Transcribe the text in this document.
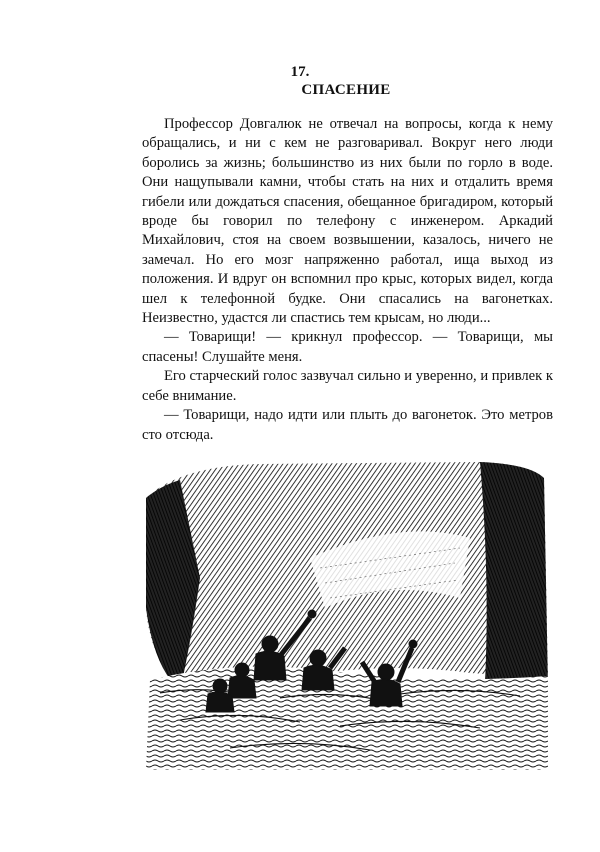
17.
СПАСЕНИЕ

Профессор Довгалюк не отвечал на вопросы, когда к нему обращались, и ни с кем не разговаривал. Вокруг него люди боролись за жизнь; большинство из них были по горло в воде. Они нащупывали камни, чтобы стать на них и отдалить время гибели или дождаться спасения, обещанное бригадиром, который вроде бы говорил по телефону с инженером. Аркадий Михайлович, стоя на своем возвышении, казалось, ничего не замечал. Но его мозг напряженно работал, ища выход из положения. И вдруг он вспомнил про крыс, которых видел, когда шел к телефонной будке. Они спасались на вагонетках. Неизвестно, удастся ли спастись тем крысам, но люди...

— Товарищи! — крикнул профессор. — Товарищи, мы спасены! Слушайте меня.

Его старческий голос зазвучал сильно и уверенно, и привлек к себе внимание.

— Товарищи, надо идти или плыть до вагонеток. Это метров сто отсюда.
